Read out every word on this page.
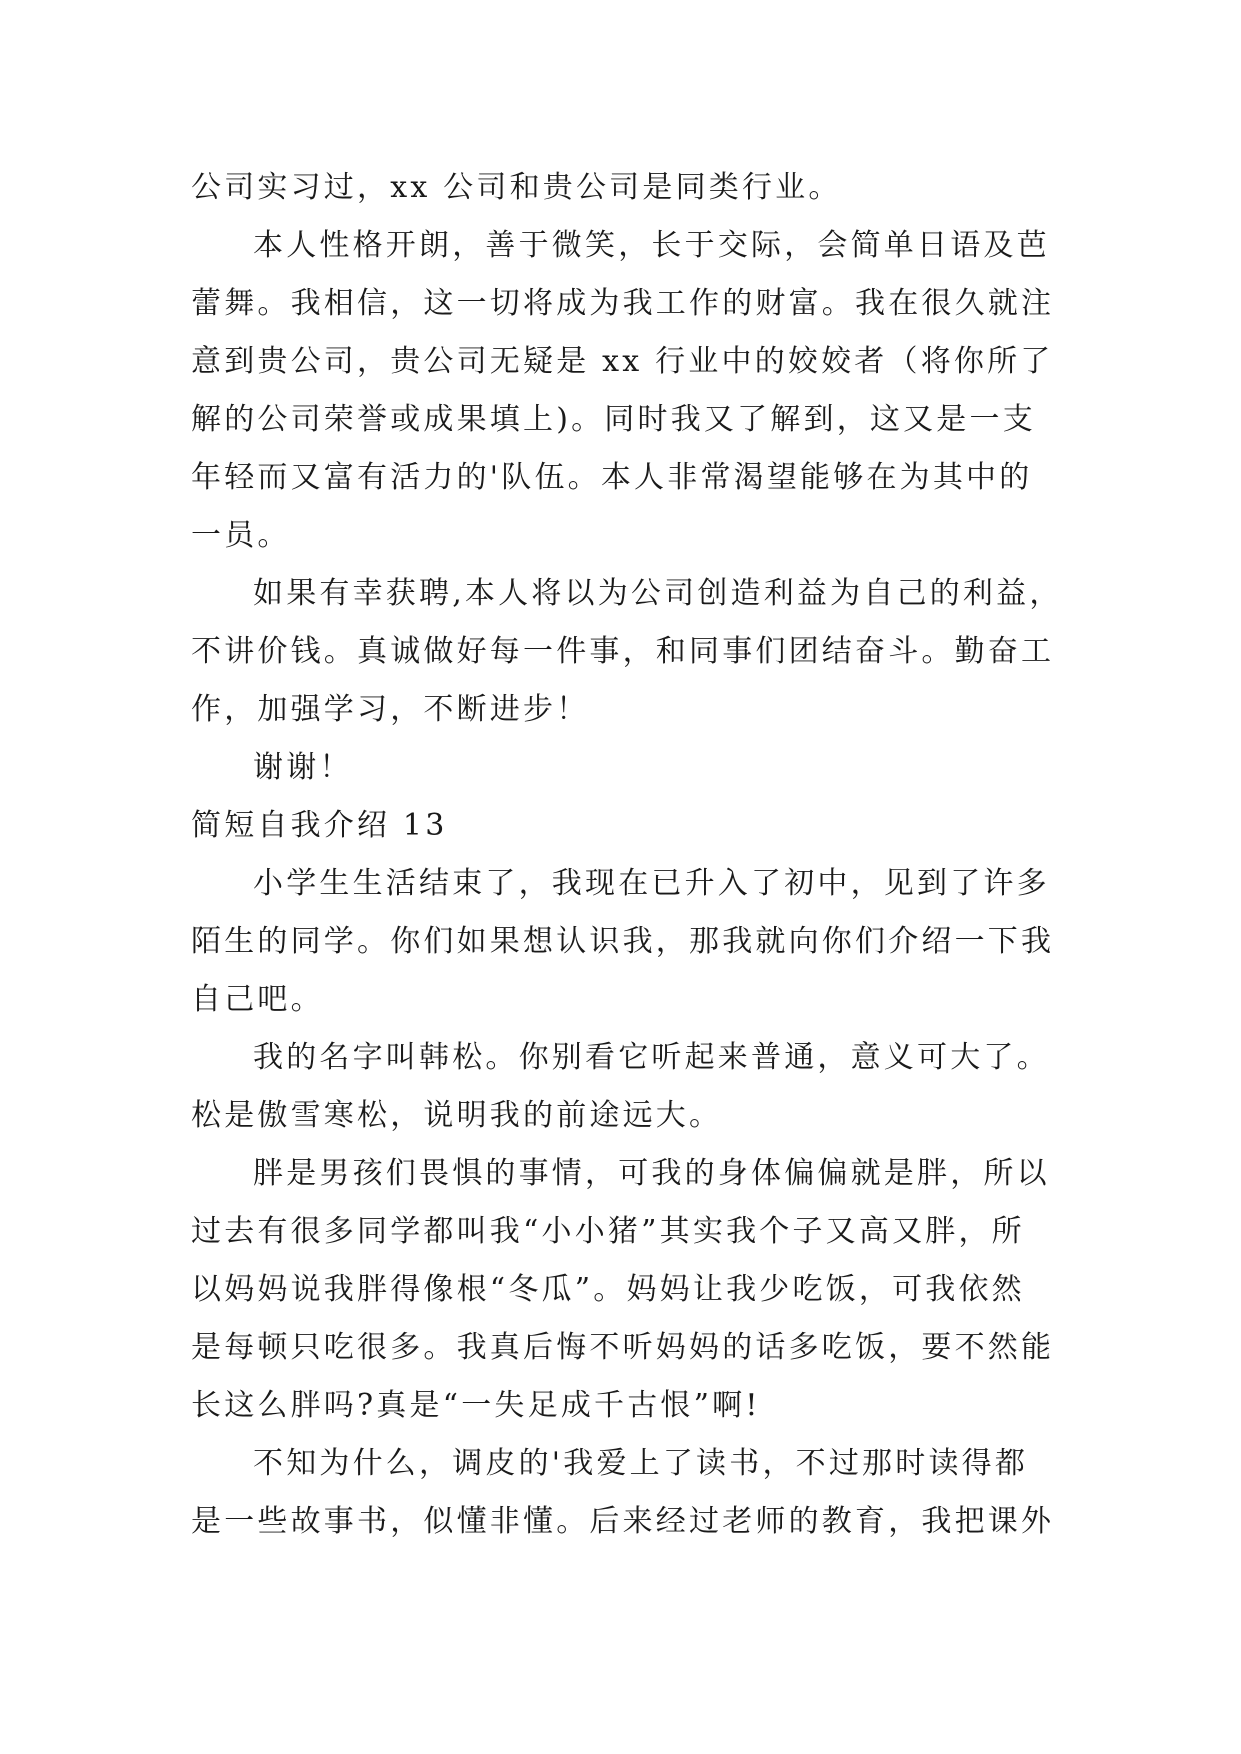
公司实习过，xx 公司和贵公司是同类行业。
本人性格开朗，善于微笑，长于交际，会简单日语及芭
蕾舞。我相信，这一切将成为我工作的财富。我在很久就注
意到贵公司，贵公司无疑是 xx 行业中的姣姣者（将你所了
解的公司荣誉或成果填上)。同时我又了解到，这又是一支
年轻而又富有活力的'队伍。本人非常渴望能够在为其中的
一员。
如果有幸获聘,本人将以为公司创造利益为自己的利益，
不讲价钱。真诚做好每一件事，和同事们团结奋斗。勤奋工
作，加强学习，不断进步！
谢谢！
简短自我介绍 13
小学生生活结束了，我现在已升入了初中，见到了许多
陌生的同学。你们如果想认识我，那我就向你们介绍一下我
自己吧。
我的名字叫韩松。你别看它听起来普通，意义可大了。
松是傲雪寒松，说明我的前途远大。
胖是男孩们畏惧的事情，可我的身体偏偏就是胖，所以
过去有很多同学都叫我“小小猪”其实我个子又高又胖，所
以妈妈说我胖得像根“冬瓜”。妈妈让我少吃饭，可我依然
是每顿只吃很多。我真后悔不听妈妈的话多吃饭，要不然能
长这么胖吗?真是“一失足成千古恨”啊!
不知为什么，调皮的'我爱上了读书，不过那时读得都
是一些故事书，似懂非懂。后来经过老师的教育，我把课外
